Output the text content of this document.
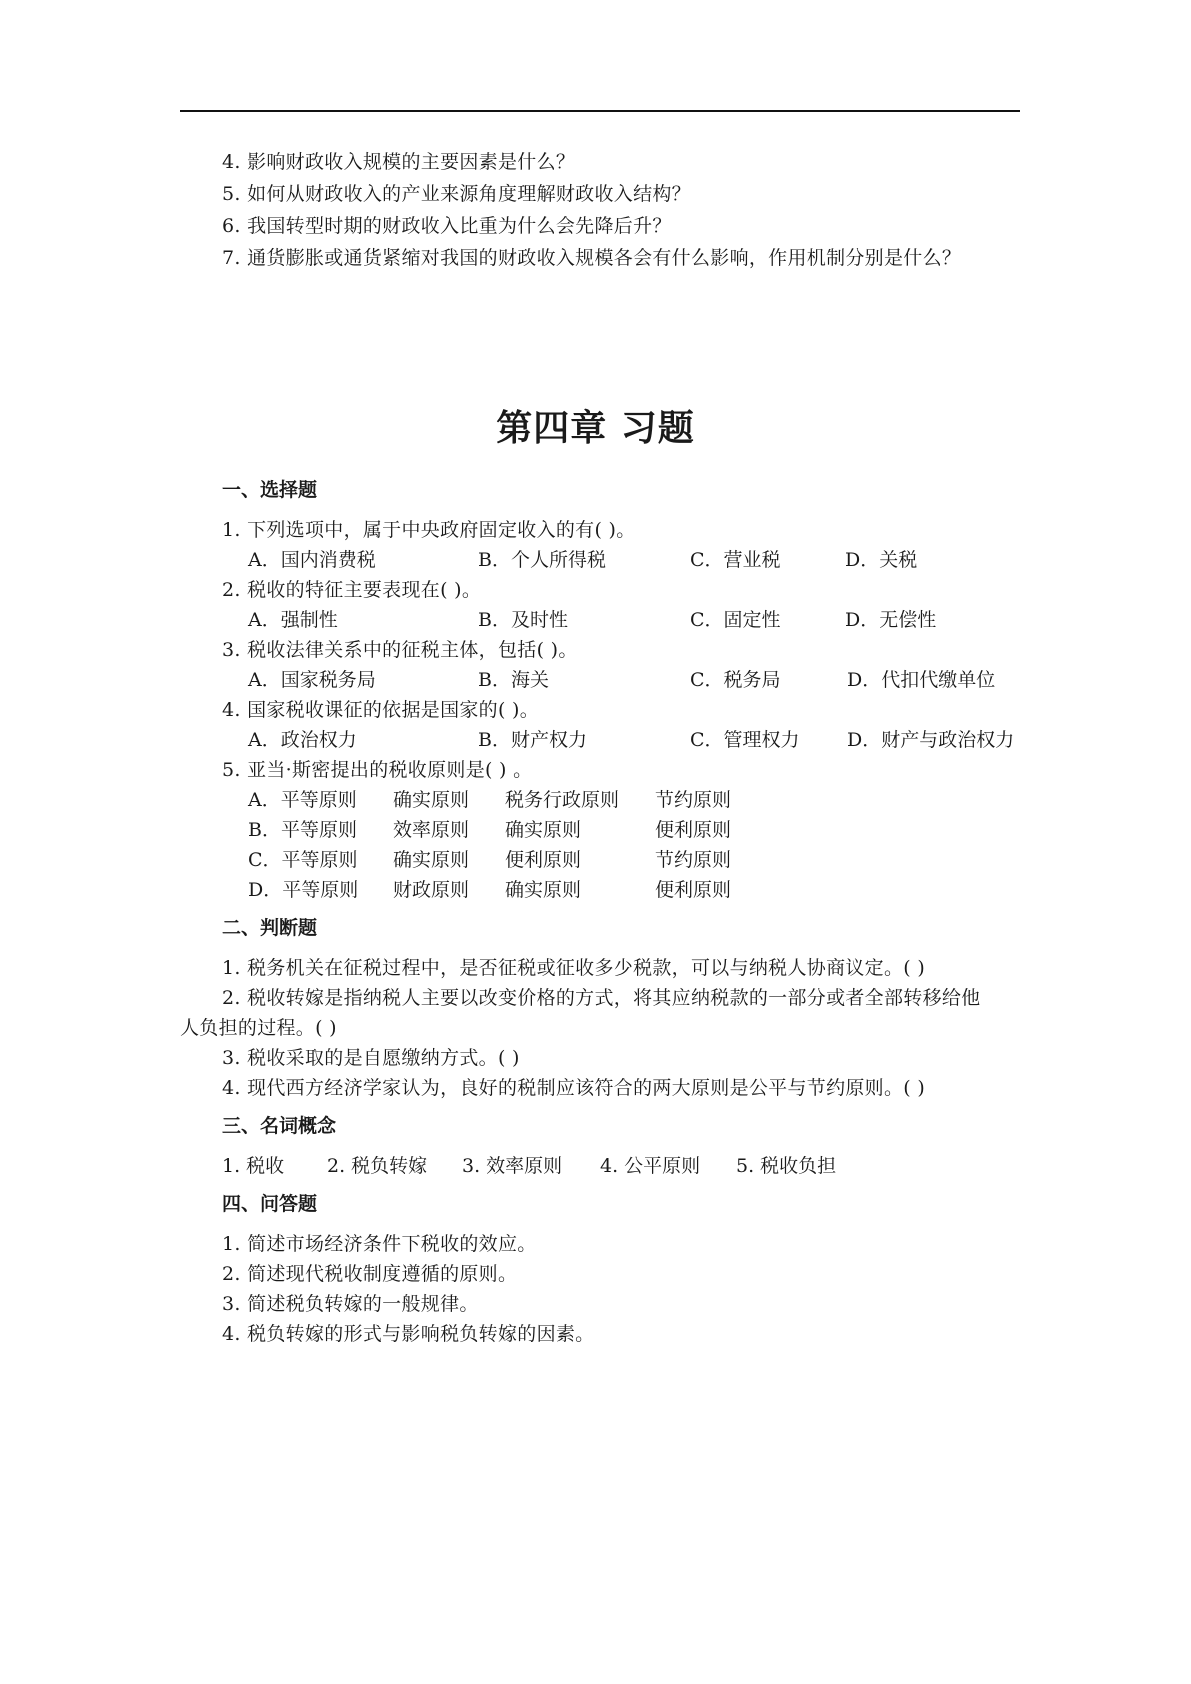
4. 影响财政收入规模的主要因素是什么？
5. 如何从财政收入的产业来源角度理解财政收入结构？
6. 我国转型时期的财政收入比重为什么会先降后升？
7. 通货膨胀或通货紧缩对我国的财政收入规模各会有什么影响，作用机制分别是什么？
第四章 习题
一、选择题
1. 下列选项中，属于中央政府固定收入的有( )。
A．国内消费税	B．个人所得税	C．营业税	D．关税
2. 税收的特征主要表现在( )。
A．强制性	B．及时性	C．固定性	D．无偿性
3. 税收法律关系中的征税主体，包括( )。
A．国家税务局	B．海关	C．税务局	D．代扣代缴单位
4. 国家税收课征的依据是国家的( )。
A．政治权力	B．财产权力	C．管理权力 D．财产与政治权力
5. 亚当·斯密提出的税收原则是( ) 。
A．平等原则 确实原则 税务行政原则 节约原则
B．平等原则 效率原则 确实原则	便利原则
C．平等原则 确实原则 便利原则	节约原则
D．平等原则 财政原则 确实原则	便利原则
二、判断题
1. 税务机关在征税过程中，是否征税或征收多少税款，可以与纳税人协商议定。( )
2. 税收转嫁是指纳税人主要以改变价格的方式，将其应纳税款的一部分或者全部转移给他
人负担的过程。( )
3. 税收采取的是自愿缴纳方式。( )
4. 现代西方经济学家认为，良好的税制应该符合的两大原则是公平与节约原则。( )
三、名词概念
1. 税收 2. 税负转嫁 3. 效率原则 4. 公平原则 5. 税收负担
四、问答题
1. 简述市场经济条件下税收的效应。
2. 简述现代税收制度遵循的原则。
3. 简述税负转嫁的一般规律。
4. 税负转嫁的形式与影响税负转嫁的因素。
